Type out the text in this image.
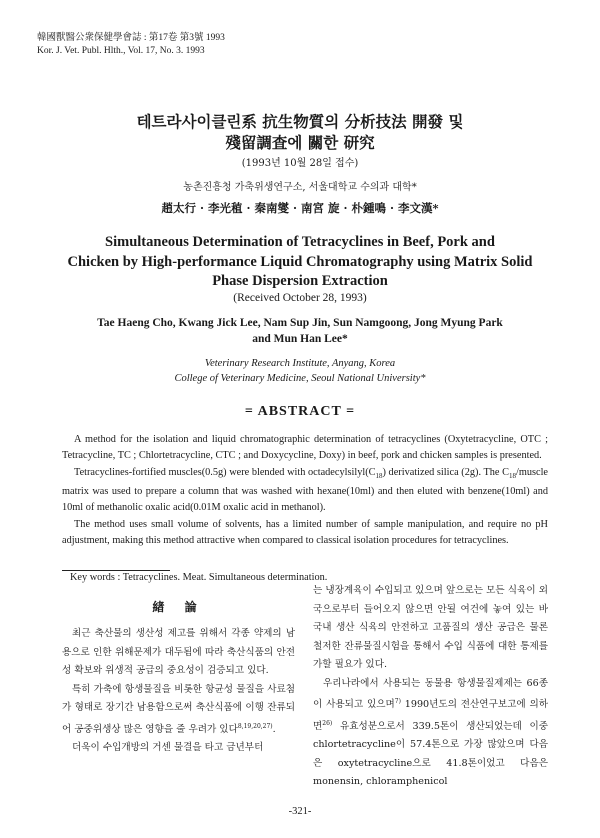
韓國獸醫公衆保健學會誌 : 第17卷 第3號 1993
Kor. J. Vet. Publ. Hlth., Vol. 17, No. 3. 1993
테트라사이클린系 抗生物質의 分析技法 開發 및
殘留調査에 關한 研究
(1993년 10월 28일 접수)
농촌진흥청 가축위생연구소, 서울대학교 수의과 대학*
趙太行 · 李光稙 · 秦南燮 · 南宮 旋 · 朴鍾鳴 · 李文漢*
Simultaneous Determination of Tetracyclines in Beef, Pork and
Chicken by High-performance Liquid Chromatography using Matrix Solid
Phase Dispersion Extraction
(Received October 28, 1993)
Tae Haeng Cho, Kwang Jick Lee, Nam Sup Jin, Sun Namgoong, Jong Myung Park
and Mun Han Lee*
Veterinary Research Institute, Anyang, Korea
College of Veterinary Medicine, Seoul National University*
= ABSTRACT =

A method for the isolation and liquid chromatographic determination of tetracyclines (Oxytetracycline, OTC ; Tetracycline, TC ; Chlortetracycline, CTC ; and Doxycycline, Doxy) in beef, pork and chicken samples is presented.

Tetracyclines-fortified muscles(0.5g) were blended with $octadecylsilyl(C_{18})$ derivatized silica (2g). The $C_{18}$/muscle matrix was used to prepare a column that was washed with hexane(10ml) and then eluted with benzene(10ml) and 10ml of methanolic oxalic acid(0.01M oxalic acid in methanol).

The method uses small volume of solvents, has a limited number of sample manipulation, and require no pH adjustment, making this method attractive when compared to classical isolation procedures for tetracyclines.

Key words : Tetracyclines. Meat. Simultaneous determination.
緖 論

최근 축산물의 생산성 제고를 위해서 각종 약제의 남용으로 인한 위해문제가 대두됨에 따라 축산식품의 안전성 확보와 위생적 공급의 중요성이 검증되고 있다.

특히 가축에 항생물질을 비롯한 항균성 물질을 사료첨가 형태로 장기간 남용함으로써 축산식품에 이행 잔류되어 공중위생상 많은 영향을 줄 우려가 있다$^{8,19,20,27)}$.

더욱이 수입개방의 거센 물결을 타고 금년부터

는 냉장계육이 수입되고 있으며 앞으로는 모든 식육이 외국으로부터 들어오지 않으면 안될 여건에 놓여 있는 바 국내 생산 식육의 안전하고 고품질의 생산 공급은 물론 철저한 잔류물질시험을 통해서 수입 식품에 대한 통제를 가할 필요가 있다.

우리나라에서 사용되는 동물용 항생물질제제는 66종이 사용되고 있으며$^{7)}$ 1990년도의 전산연구보고에 의하면$^{26)}$ 유효성분으로서 339.5톤이 생산되었는데 이중 chlortetracycline이 57.4톤으로 가장 많았으며 다음은 oxytetracycline으로 41.8톤이었고 다음은 monensin, chloramphenicol

-321-
